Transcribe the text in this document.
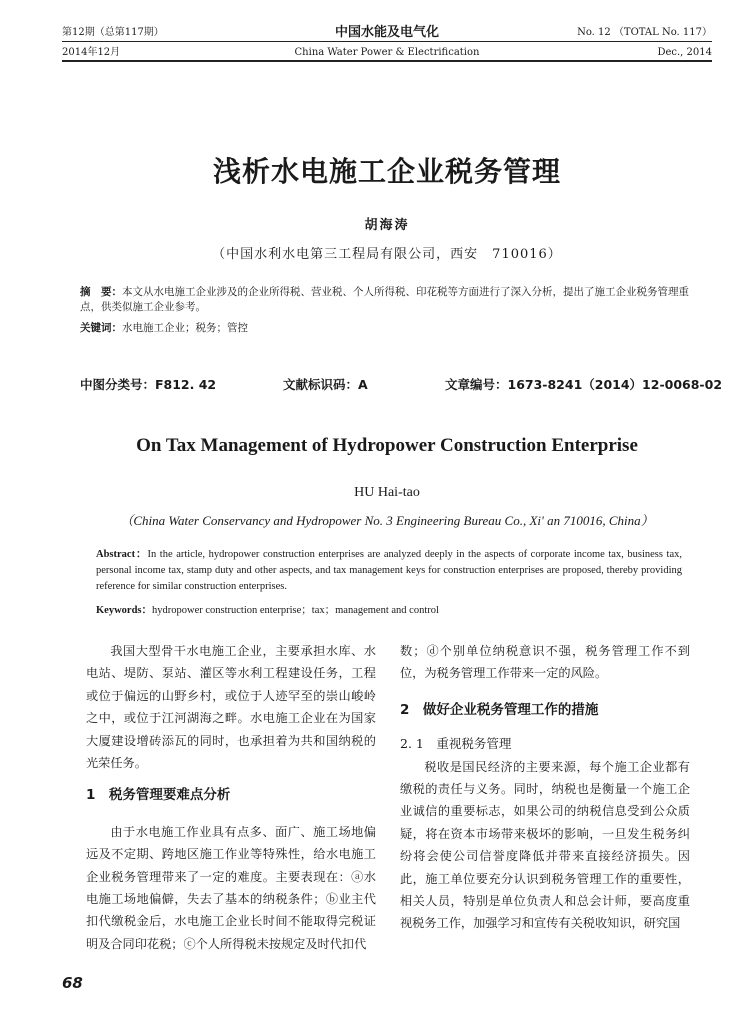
第12期（总第117期）	中国水能及电气化	No. 12 （TOTAL No. 117）
2014年12月	China Water Power & Electrification	Dec., 2014
浅析水电施工企业税务管理
胡海涛
（中国水利水电第三工程局有限公司，西安　710016）
摘　要：本文从水电施工企业涉及的企业所得税、营业税、个人所得税、印花税等方面进行了深入分析，提出了施工企业税务管理重点，供类似施工企业参考。
关键词：水电施工企业；税务；管控
中图分类号：F812. 42	文献标识码：A	文章编号：1673-8241（2014）12-0068-02
On Tax Management of Hydropower Construction Enterprise
HU Hai-tao
（China Water Conservancy and Hydropower No. 3 Engineering Bureau Co., Xi' an 710016, China）
Abstract：In the article, hydropower construction enterprises are analyzed deeply in the aspects of corporate income tax, business tax, personal income tax, stamp duty and other aspects, and tax management keys for construction enterprises are proposed, thereby providing reference for similar construction enterprises.
Keywords：hydropower construction enterprise；tax；management and control

我国大型骨干水电施工企业，主要承担水库、水电站、堤防、泵站、灌区等水利工程建设任务，工程或位于偏远的山野乡村，或位于人迹罕至的崇山峻岭之中，或位于江河湖海之畔。水电施工企业在为国家大厦建设增砖添瓦的同时，也承担着为共和国纳税的光荣任务。

1　税务管理要难点分析

由于水电施工作业具有点多、面广、施工场地偏远及不定期、跨地区施工作业等特殊性，给水电施工企业税务管理带来了一定的难度。主要表现在：ⓐ水电施工场地偏僻，失去了基本的纳税条件；ⓑ业主代扣代缴税金后，水电施工企业长时间不能取得完税证明及合同印花税；ⓒ个人所得税未按规定及时代扣代

数；ⓓ个别单位纳税意识不强，税务管理工作不到位，为税务管理工作带来一定的风险。

2　做好企业税务管理工作的措施
2. 1　重视税务管理

税收是国民经济的主要来源，每个施工企业都有缴税的责任与义务。同时，纳税也是衡量一个施工企业诚信的重要标志，如果公司的纳税信息受到公众质疑，将在资本市场带来极坏的影响，一旦发生税务纠纷将会使公司信誉度降低并带来直接经济损失。因此，施工单位要充分认识到税务管理工作的重要性，相关人员，特别是单位负责人和总会计师，要高度重视税务工作，加强学习和宣传有关税收知识，研究国

68
